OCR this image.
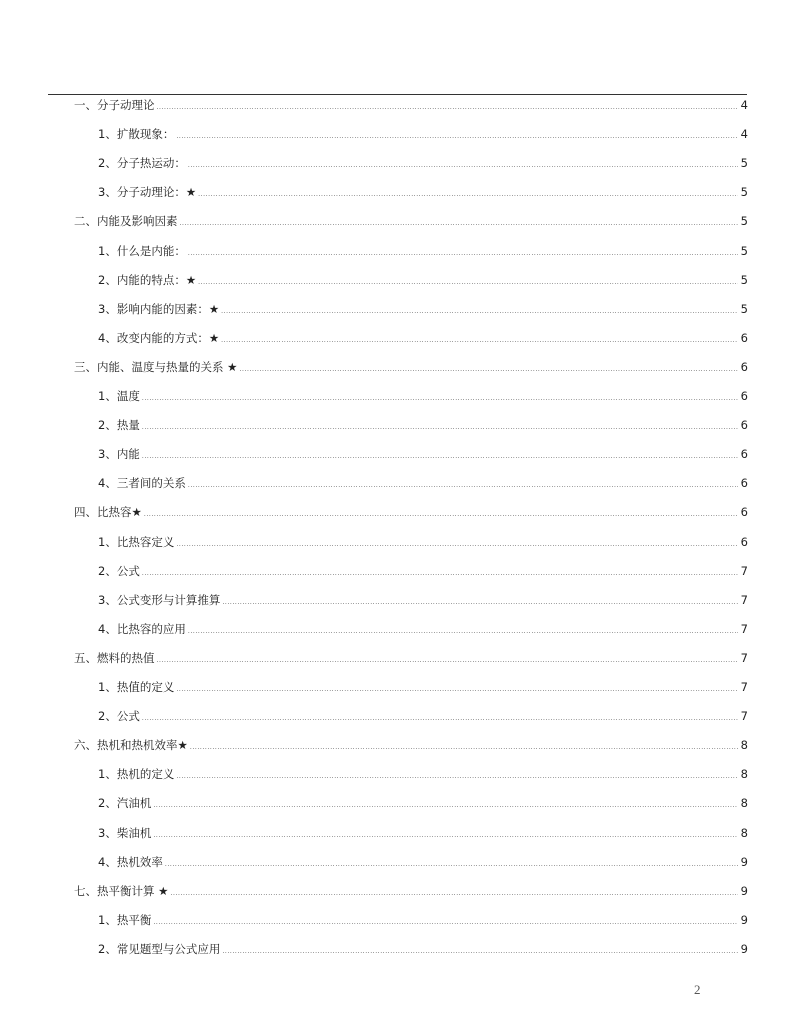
一、分子动理论 .....	4
1、扩散现象： .....	4
2、分子热运动： .....	5
3、分子动理论：★ .....	5
二、内能及影响因素 .....	5
1、什么是内能： .....	5
2、内能的特点：★ .....	5
3、影响内能的因素：★ .....	5
4、改变内能的方式：★ .....	6
三、内能、温度与热量的关系 ★ .....	6
1、温度 .....	6
2、热量 .....	6
3、内能 .....	6
4、三者间的关系 .....	6
四、比热容★ .....	6
1、比热容定义 .....	6
2、公式 .....	7
3、公式变形与计算推算 .....	7
4、比热容的应用 .....	7
五、燃料的热值 .....	7
1、热值的定义 .....	7
2、公式 .....	7
六、热机和热机效率★ .....	8
1、热机的定义 .....	8
2、汽油机 .....	8
3、柴油机 .....	8
4、热机效率 .....	9
七、热平衡计算 ★ .....	9
1、热平衡 .....	9
2、常见题型与公式应用 .....	9
2
